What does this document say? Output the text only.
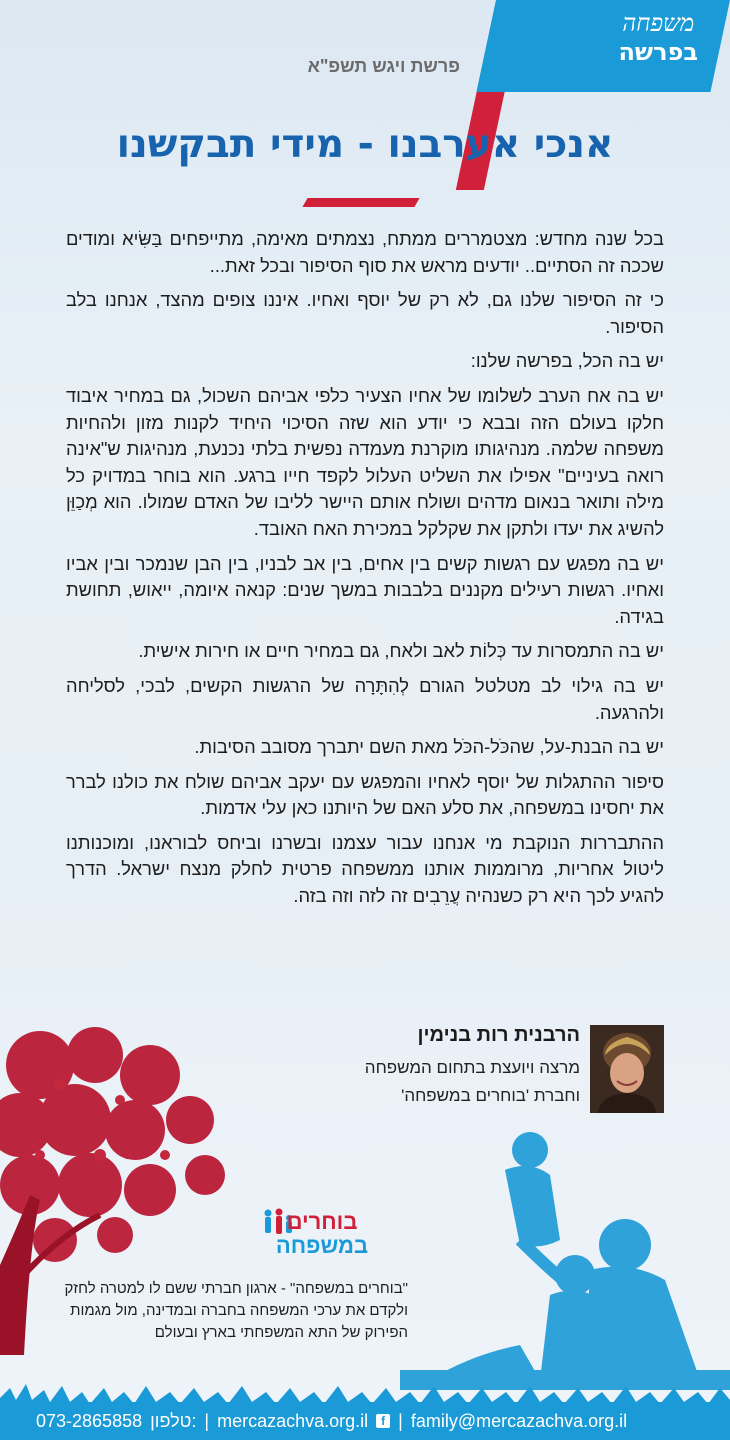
משפחה
בפרשה
פרשת ויגש תשפ"א
אנכי אערבנו - מידי תבקשנו

בכל שנה מחדש: מצטמררים ממתח, נצמתים מאימה, מתייפחים בַּשִּׂיא ומודים שככה זה הסתיים.. יודעים מראש את סוף הסיפור ובכל זאת...

כי זה הסיפור שלנו גם, לא רק של יוסף ואחיו. איננו צופים מהצד, אנחנו בלב הסיפור.

יש בה הכל, בפרשה שלנו:

יש בה אח הערב לשלומו של אחיו הצעיר כלפי אביהם השכול, גם במחיר איבוד חלקו בעולם הזה ובבא כי יודע הוא שזה הסיכוי היחיד לקנות מזון ולהחיות משפחה שלמה. מנהיגותו מוקרנת מעמדה נפשית בלתי נכנעת, מנהיגות ש"אינה רואה בעיניים" אפילו את השליט העלול לקפד חייו ברגע. הוא בוחר במדויק כל מילה ותואר בנאום מדהים ושולח אותם היישר לליבו של האדם שמולו. הוא מְכַוֵּן להשיג את יעדו ולתקן את שקלקל במכירת האח האובד.

יש בה מפגש עם רגשות קשים בין אחים, בין אב לבניו, בין הבן שנמכר ובין אביו ואחיו. רגשות רעילים מקננים בלבבות במשך שנים: קנאה איומה, ייאוש, תחושת בגידה.

יש בה התמסרות עד כְּלוֹת לאב ולאח, גם במחיר חיים או חירות אישית.

יש בה גילוי לב מטלטל הגורם לְהִתָּרָה של הרגשות הקשים, לבכי, לסליחה ולהרגעה.

יש בה הבנת-על, שהכֹּל-הכֹּל מאת השם יתברך מסובב הסיבות.

סיפור ההתגלות של יוסף לאחיו והמפגש עם יעקב אביהם שולח את כולנו לברר את יחסינו במשפחה, את סלע האם של היותנו כאן עלי אדמות.

ההתבררות הנוקבת מי אנחנו עבור עצמנו ובשרנו וביחס לבוראנו, ומוכנותנו ליטול אחריות, מרוממות אותנו ממשפחה פרטית לחלק מנצח ישראל. הדרך להגיע לכך היא רק כשנהיה עֲרֵבִים זה לזה וזה בזה.

הרבנית רות בנימין
מרצה ויועצת בתחום המשפחה
וחברת 'בוחרים במשפחה'
בוחרים
במשפחה
"בוחרים במשפחה" - ארגון חברתי ששם לו למטרה לחזק ולקדם את ערכי המשפחה בחברה ובמדינה, מול מגמות הפירוק של התא המשפחתי בארץ ובעולם
073-2865858 טלפון: | mercazachva.org.il	f | family@mercazachva.org.il
